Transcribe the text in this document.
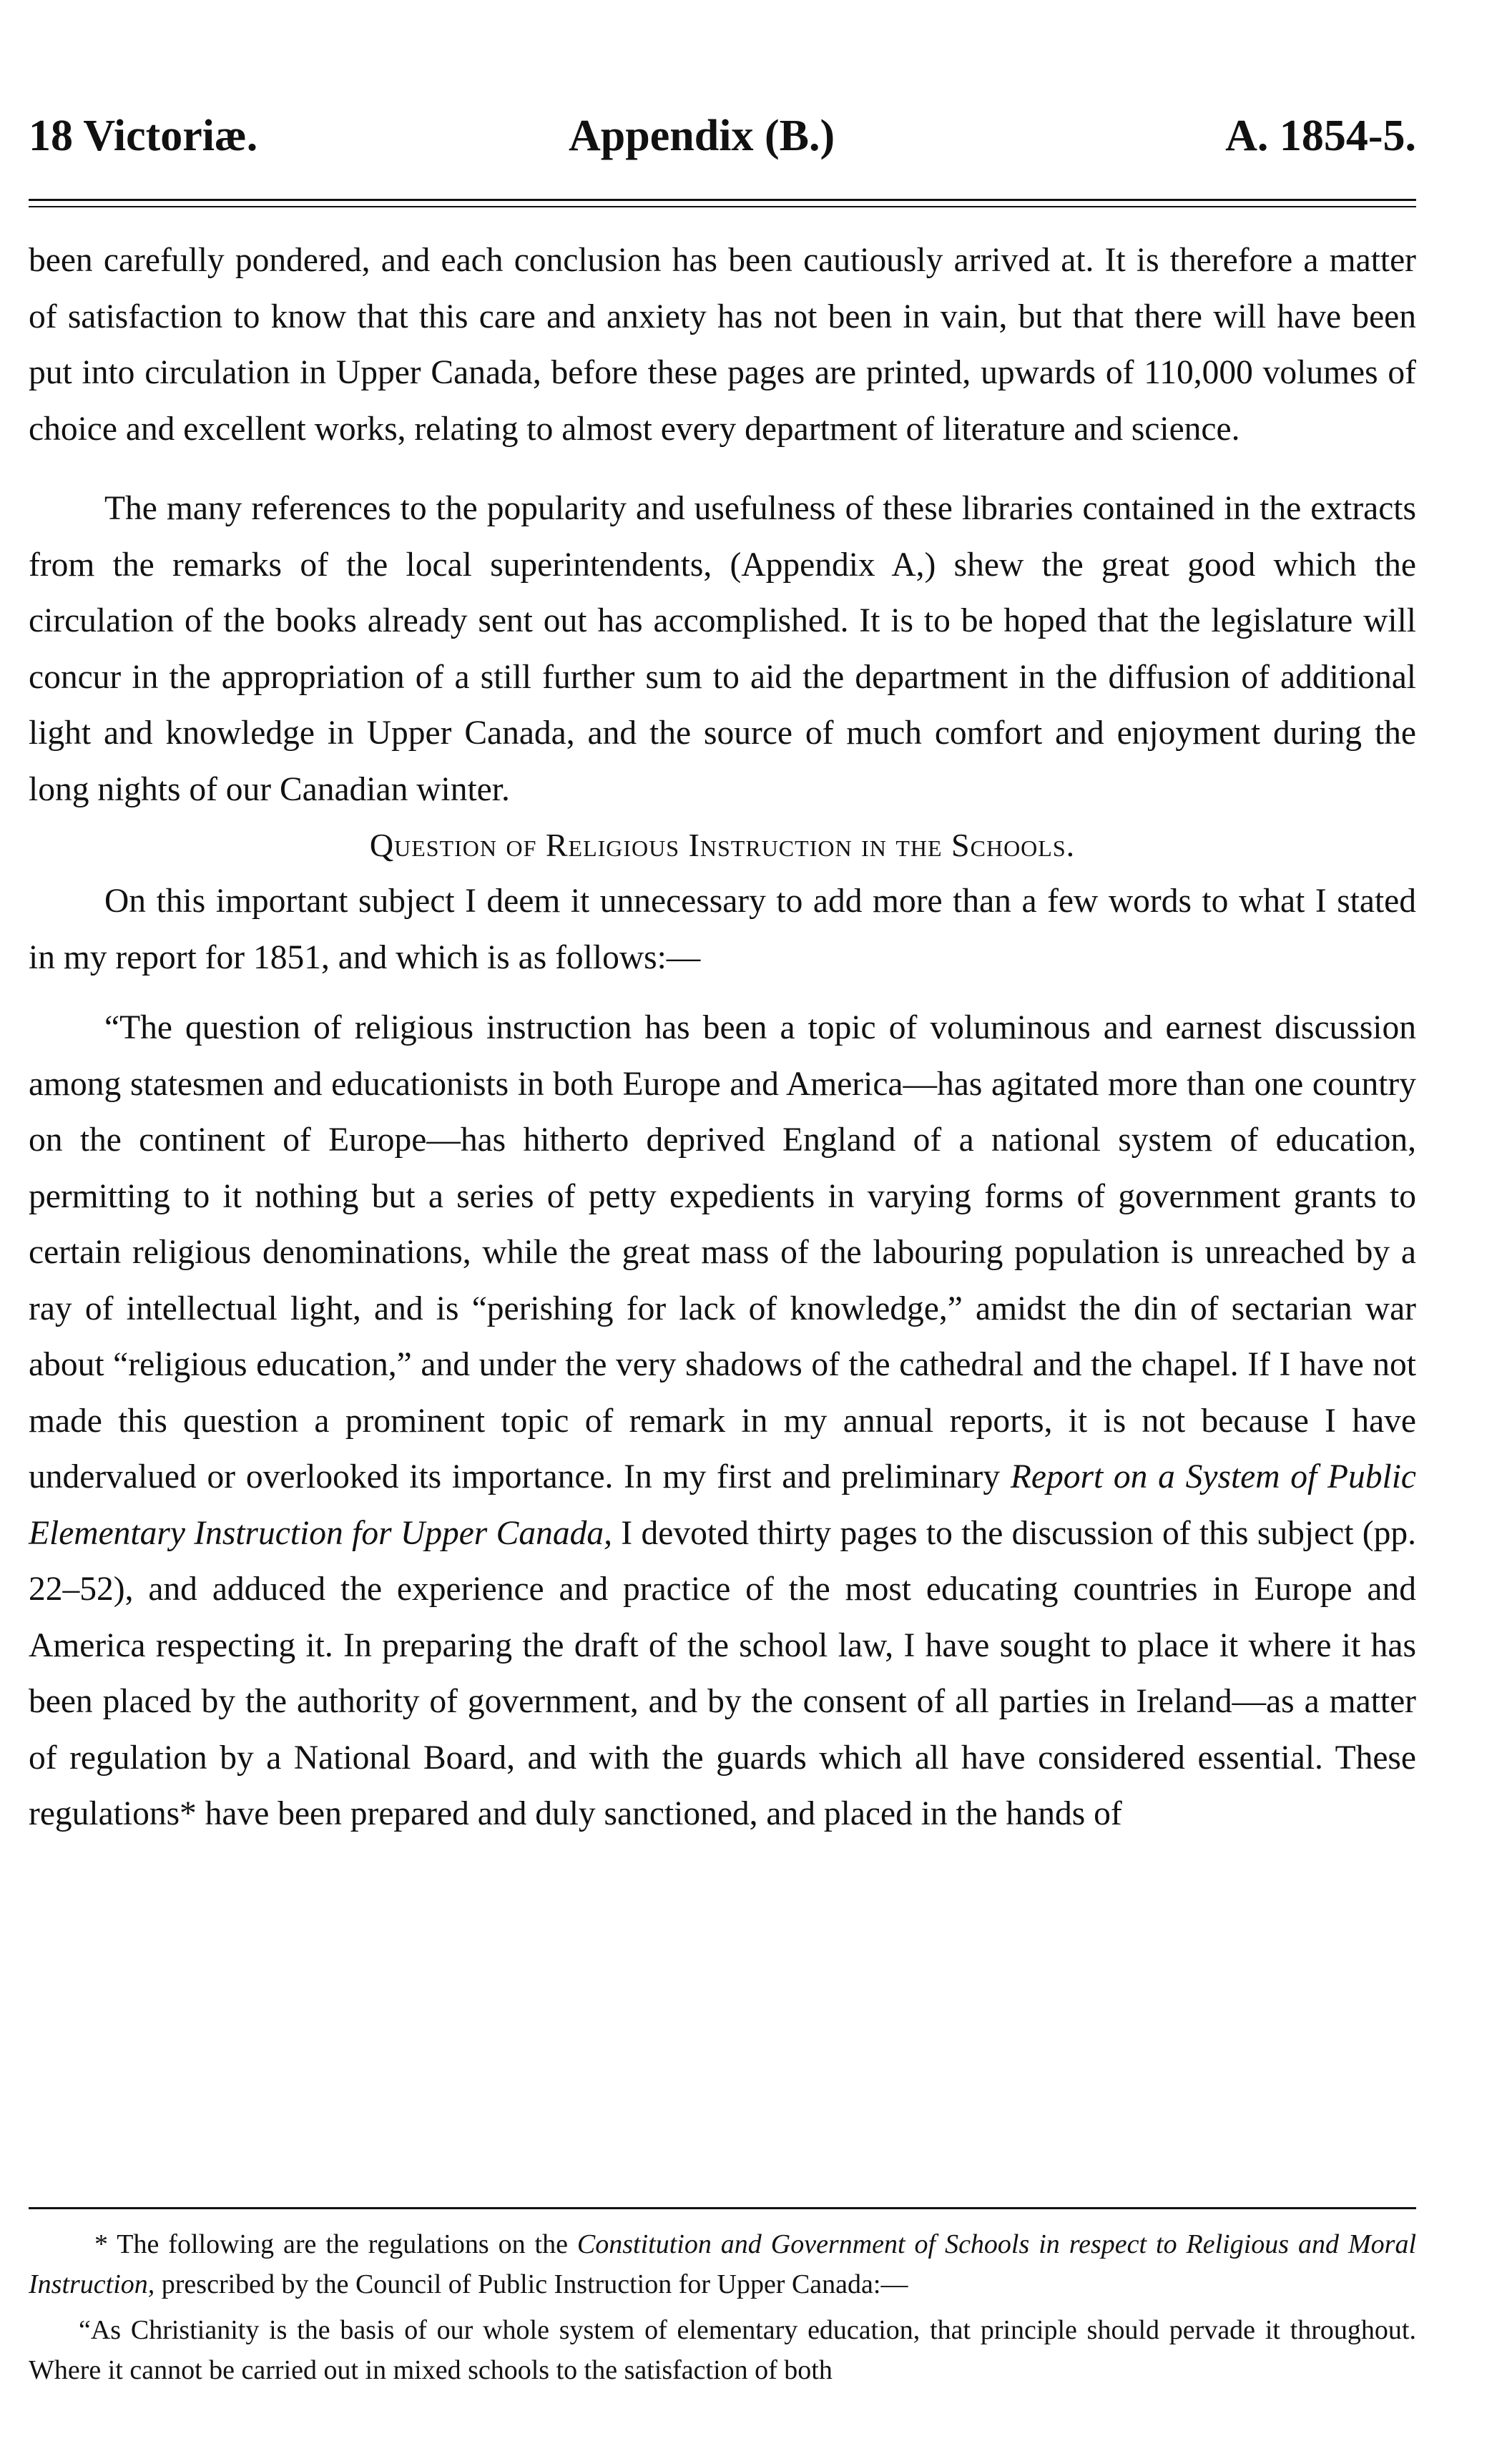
18 Victoriæ.	Appendix (B.)	A. 1854-5.

been carefully pondered, and each conclusion has been cautiously arrived at. It is therefore a matter of satisfaction to know that this care and anxiety has not been in vain, but that there will have been put into circulation in Upper Canada, before these pages are printed, upwards of 110,000 volumes of choice and excellent works, relating to almost every department of literature and science.

The many references to the popularity and usefulness of these libraries contained in the extracts from the remarks of the local superintendents, (Appendix A,) shew the great good which the circulation of the books already sent out has accomplished. It is to be hoped that the legislature will concur in the appropriation of a still further sum to aid the department in the diffusion of additional light and knowledge in Upper Canada, and the source of much comfort and enjoyment during the long nights of our Canadian winter.

Question of Religious Instruction in the Schools.

On this important subject I deem it unnecessary to add more than a few words to what I stated in my report for 1851, and which is as follows:—

“The question of religious instruction has been a topic of voluminous and earnest discussion among statesmen and educationists in both Europe and America—has agitated more than one country on the continent of Europe—has hitherto deprived England of a national system of education, permitting to it nothing but a series of petty expedients in varying forms of government grants to certain religious denominations, while the great mass of the labouring population is unreached by a ray of intellectual light, and is “perishing for lack of knowledge,” amidst the din of sectarian war about “religious education,” and under the very shadows of the cathedral and the chapel. If I have not made this question a prominent topic of remark in my annual reports, it is not because I have undervalued or overlooked its importance. In my first and preliminary Report on a System of Public Elementary Instruction for Upper Canada, I devoted thirty pages to the discussion of this subject (pp. 22–52), and adduced the experience and practice of the most educating countries in Europe and America respecting it. In preparing the draft of the school law, I have sought to place it where it has been placed by the authority of government, and by the consent of all parties in Ireland—as a matter of regulation by a National Board, and with the guards which all have considered essential. These regulations* have been prepared and duly sanctioned, and placed in the hands of

* The following are the regulations on the Constitution and Government of Schools in respect to Religious and Moral Instruction, prescribed by the Council of Public Instruction for Upper Canada:—

“As Christianity is the basis of our whole system of elementary education, that principle should pervade it throughout. Where it cannot be carried out in mixed schools to the satisfaction of both
